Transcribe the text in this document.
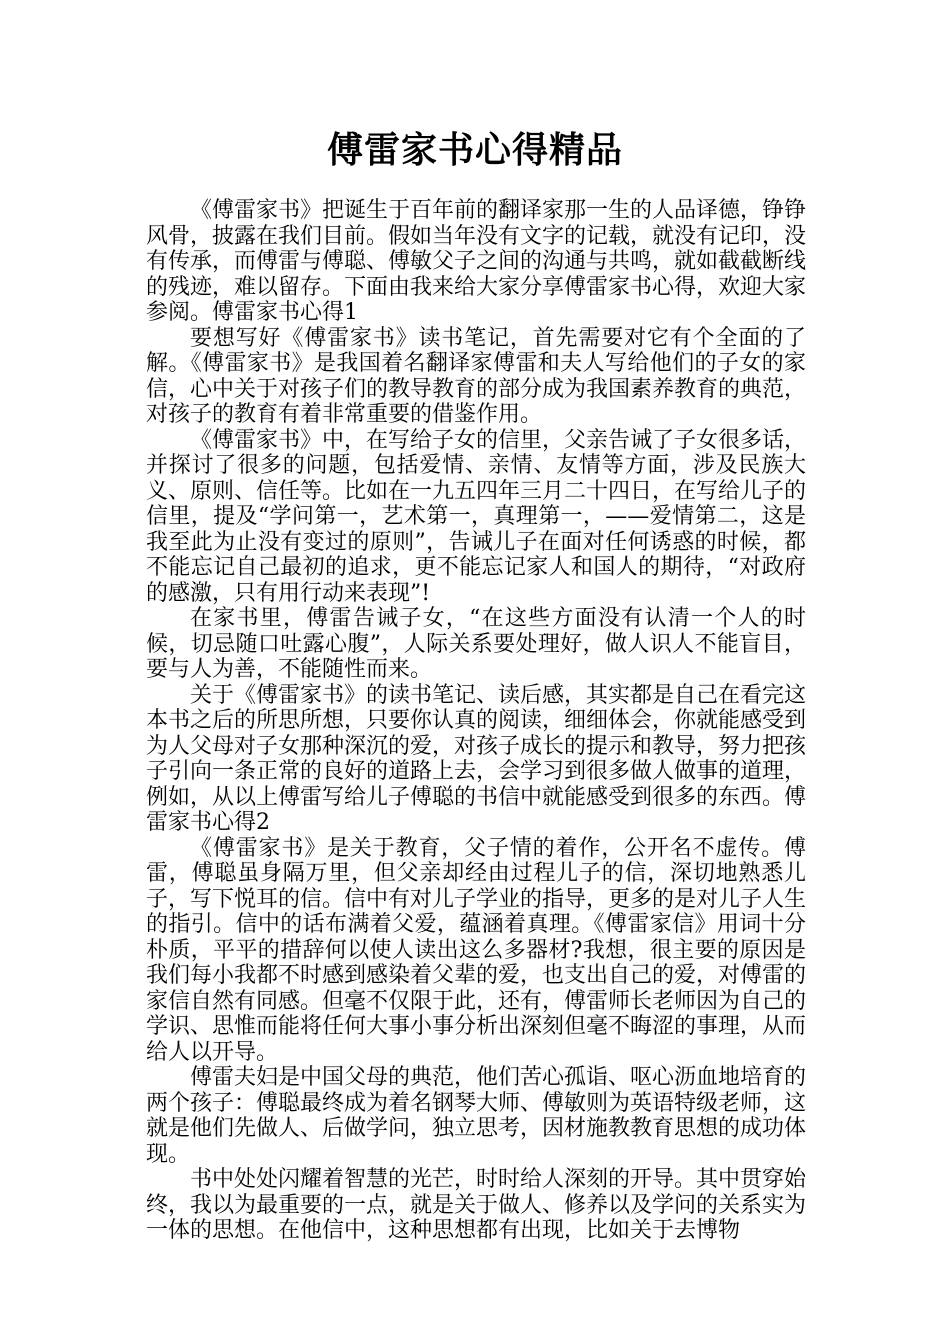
傅雷家书心得精品

《傅雷家书》把诞生于百年前的翻译家那一生的人品译德，铮铮风骨，披露在我们目前。假如当年没有文字的记载，就没有记印，没有传承，而傅雷与傅聪、傅敏父子之间的沟通与共鸣，就如截截断线的残迹，难以留存。下面由我来给大家分享傅雷家书心得，欢迎大家参阅。傅雷家书心得1

要想写好《傅雷家书》读书笔记，首先需要对它有个全面的了解。《傅雷家书》是我国着名翻译家傅雷和夫人写给他们的子女的家信，心中关于对孩子们的教导教育的部分成为我国素养教育的典范，对孩子的教育有着非常重要的借鉴作用。

《傅雷家书》中，在写给子女的信里，父亲告诫了子女很多话，并探讨了很多的问题，包括爱情、亲情、友情等方面，涉及民族大义、原则、信任等。比如在一九五四年三月二十四日，在写给儿子的信里，提及“学问第一，艺术第一，真理第一，——爱情第二，这是我至此为止没有变过的原则”，告诫儿子在面对任何诱惑的时候，都不能忘记自己最初的追求，更不能忘记家人和国人的期待，“对政府的感激，只有用行动来表现”!

在家书里，傅雷告诫子女，“在这些方面没有认清一个人的时候，切忌随口吐露心腹”，人际关系要处理好，做人识人不能盲目，要与人为善，不能随性而来。

关于《傅雷家书》的读书笔记、读后感，其实都是自己在看完这本书之后的所思所想，只要你认真的阅读，细细体会，你就能感受到为人父母对子女那种深沉的爱，对孩子成长的提示和教导，努力把孩子引向一条正常的良好的道路上去，会学习到很多做人做事的道理，例如，从以上傅雷写给儿子傅聪的书信中就能感受到很多的东西。傅雷家书心得2

《傅雷家书》是关于教育，父子情的着作，公开名不虚传。傅雷，傅聪虽身隔万里，但父亲却经由过程儿子的信，深切地熟悉儿子，写下悦耳的信。信中有对儿子学业的指导，更多的是对儿子人生的指引。信中的话布满着父爱，蕴涵着真理。《傅雷家信》用词十分朴质，平平的措辞何以使人读出这么多器材?我想，很主要的原因是我们每小我都不时感到感染着父辈的爱，也支出自己的爱，对傅雷的家信自然有同感。但毫不仅限于此，还有，傅雷师长老师因为自己的学识、思惟而能将任何大事小事分析出深刻但毫不晦涩的事理，从而给人以开导。

傅雷夫妇是中国父母的典范，他们苦心孤诣、呕心沥血地培育的两个孩子：傅聪最终成为着名钢琴大师、傅敏则为英语特级老师，这就是他们先做人、后做学问，独立思考，因材施教教育思想的成功体现。

书中处处闪耀着智慧的光芒，时时给人深刻的开导。其中贯穿始终，我以为最重要的一点，就是关于做人、修养以及学问的关系实为一体的思想。在他信中，这种思想都有出现，比如关于去博物
